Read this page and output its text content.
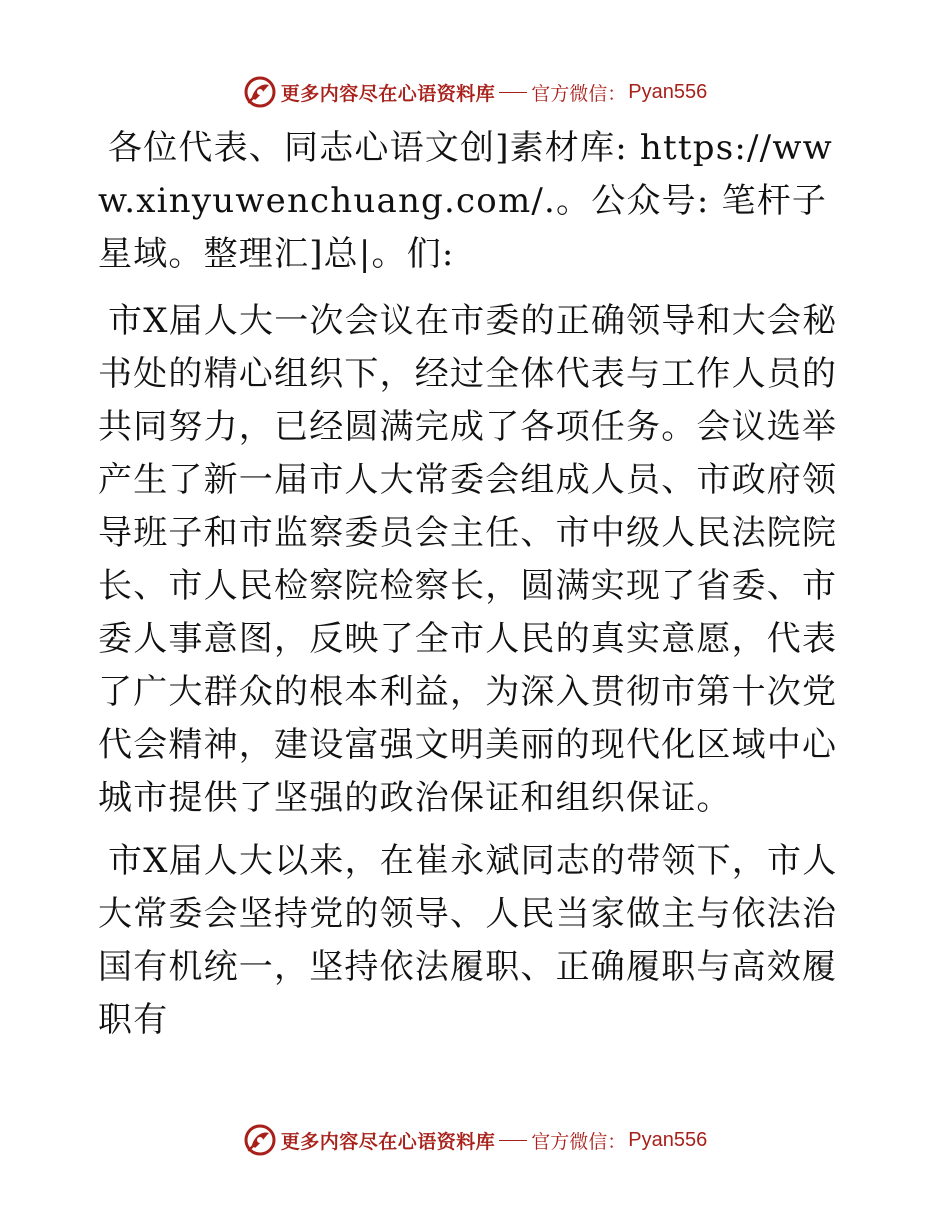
更多内容尽在心语资料库 官方微信： Pyan556

各位代表、同志心语文创]素材库: https://www.xinyuwenchuang.com/.。公众号: 笔杆子星域。整理汇]总|。们:

市X届人大一次会议在市委的正确领导和大会秘书处的精心组织下，经过全体代表与工作人员的共同努力，已经圆满完成了各项任务。会议选举产生了新一届市人大常委会组成人员、市政府领导班子和市监察委员会主任、市中级人民法院院长、市人民检察院检察长，圆满实现了省委、市委人事意图，反映了全市人民的真实意愿，代表了广大群众的根本利益，为深入贯彻市第十次党代会精神，建设富强文明美丽的现代化区域中心城市提供了坚强的政治保证和组织保证。

市X届人大以来，在崔永斌同志的带领下，市人大常委会坚持党的领导、人民当家做主与依法治国有机统一，坚持依法履职、正确履职与高效履职有

更多内容尽在心语资料库 官方微信： Pyan556
